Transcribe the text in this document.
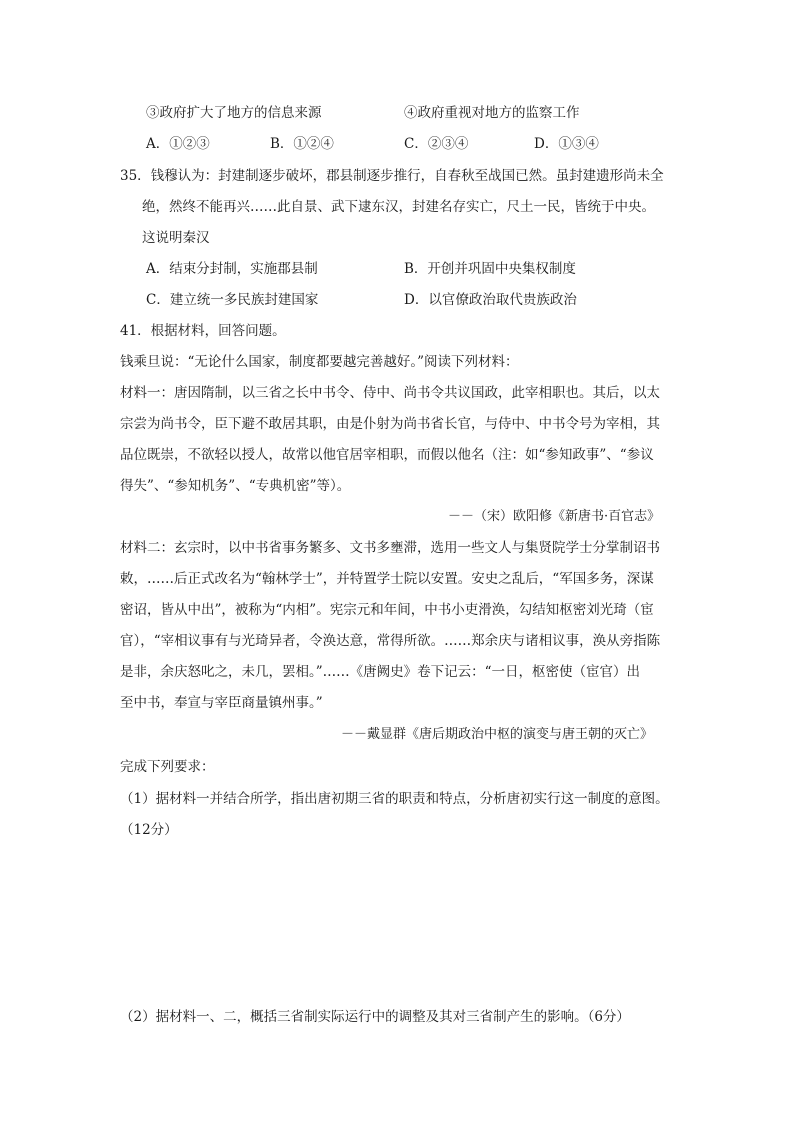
③政府扩大了地方的信息来源	④政府重视对地方的监察工作
A．①②③	B．①②④	C．②③④	D．①③④
35．钱穆认为：封建制逐步破坏，郡县制逐步推行，自春秋至战国已然。虽封建遗形尚未全
绝，然终不能再兴……此自景、武下逮东汉，封建名存实亡，尺土一民，皆统于中央。
这说明秦汉
A．结束分封制，实施郡县制	B．开创并巩固中央集权制度
C．建立统一多民族封建国家	D．以官僚政治取代贵族政治
41．根据材料，回答问题。
钱乘旦说：“无论什么国家，制度都要越完善越好。”阅读下列材料：
材料一：唐因隋制，以三省之长中书令、侍中、尚书令共议国政，此宰相职也。其后，以太
宗尝为尚书令，臣下避不敢居其职，由是仆射为尚书省长官，与侍中、中书令号为宰相，其
品位既崇，不欲轻以授人，故常以他官居宰相职，而假以他名（注：如“参知政事”、“参议
得失”、“参知机务”、“专典机密”等）。
－－（宋）欧阳修《新唐书·百官志》
材料二：玄宗时，以中书省事务繁多、文书多壅滞，选用一些文人与集贤院学士分掌制诏书
敕，……后正式改名为“翰林学士”，并特置学士院以安置。安史之乱后，“军国多务，深谋
密诏，皆从中出”，被称为“内相”。宪宗元和年间，中书小吏滑涣，勾结知枢密刘光琦（宦
官），“宰相议事有与光琦异者，令涣达意，常得所欲。……郑余庆与诸相议事，涣从旁指陈
是非，余庆怒叱之，未几，罢相。”……《唐阙史》卷下记云：“一日，枢密使（宦官）出
至中书，奉宣与宰臣商量镇州事。”
－－戴显群《唐后期政治中枢的演变与唐王朝的灭亡》
完成下列要求：
（1）据材料一并结合所学，指出唐初期三省的职责和特点，分析唐初实行这一制度的意图。
（12分）
（2）据材料一、二，概括三省制实际运行中的调整及其对三省制产生的影响。（6分）
